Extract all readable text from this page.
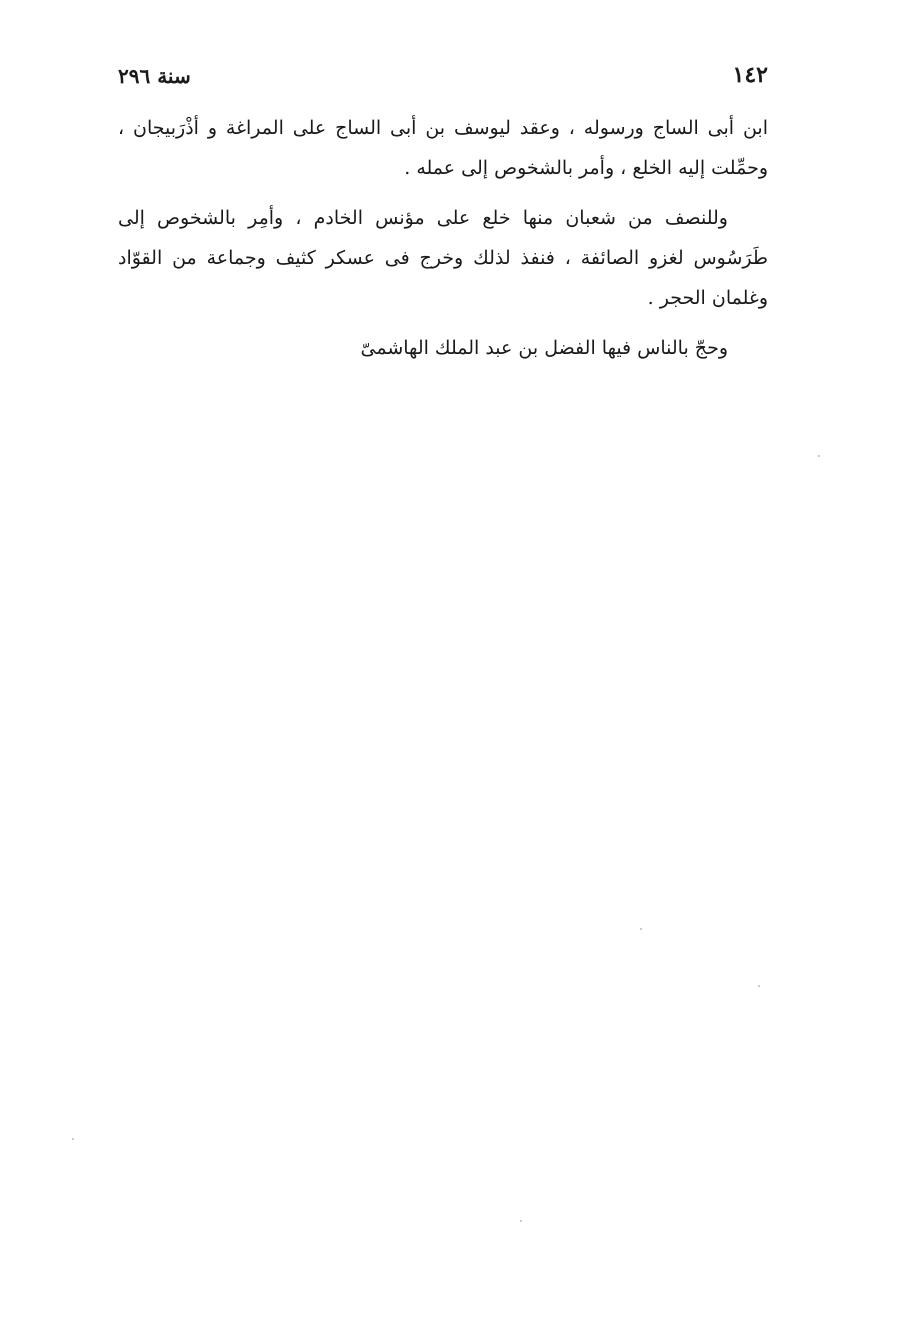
سنة ٢٩٦	١٤٢

ابن أبى الساج ورسوله ، وعقد ليوسف بن أبى الساج على المراغة و أذْرَبيجان ، وحمِّلت إليه الخلع ، وأمر بالشخوص إلى عمله .

وللنصف من شعبان منها خلع على مؤنس الخادم ، وأمِر بالشخوص إلى طَرَسُوس لغزو الصائفة ، فنفذ لذلك وخرج فى عسكر كثيف وجماعة من القوّاد وغلمان الحجر .

وحجّ بالناس فيها الفضل بن عبد الملك الهاشمىّ
